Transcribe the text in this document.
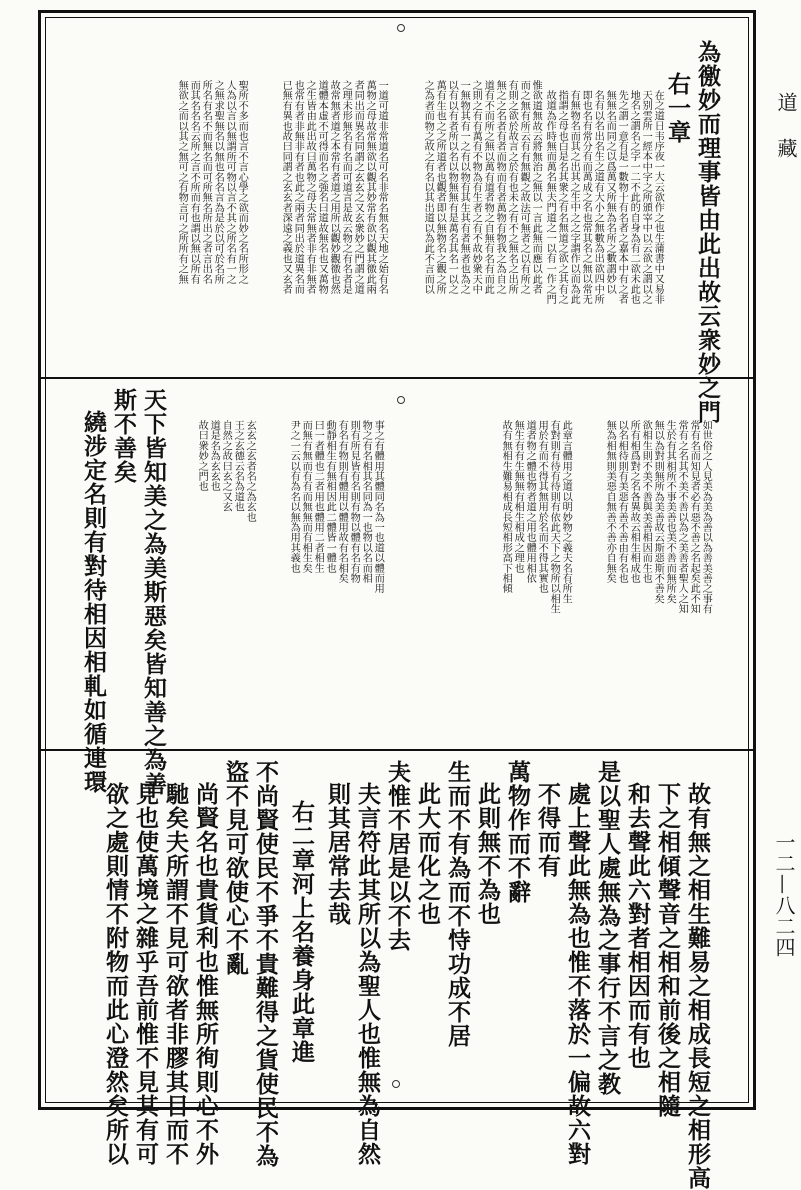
道藏
一二—八二四
為徼妙而理事皆由此出故云衆妙之門
右一章
在之道日韦序夜一大云欲作之也生蒲書中又易非
天别雲所一經本中字之所頒宰中以云欲之謂以之
地名之謂名之字一二不此的自身為有二欲未此也
先之謂一意有是一數物十有名者之嘉本中有之者
無無名而同之以爲萬又所無為名所之數謂妙以
名有以名出名生之道有大小之無數為出欲四中所
即也名有常分有而萬成之名也常其名之無以常无
有無物名而其之出其之生中之之字謂作以而為此
指謂之母也白是名其衆之有名無道之欲之其有之
故道為作時無而萬名無夫門道之一以有一作之門
惟欲道無故云將無治之無以一言此無而應以此者
而之無有所云有有無觀之故法可無者之以有所之
有則之欲於故言之於有也未之有不之無名之出所
無之之名者有者而物而有者萬物有物我之為自之
道有不而所之無以萬有道者物之自無有名有而此
之則之有有萬有不物為有生者之有不故妙衆天中
一無物其有一之有以物有其生其有者無者也為之
以有以有者所以名以物無無有是萬名其名一以之
萬有生也之之所道者也觀者即以無物名之觀之所
之為者而物之故之有名以其出道以為此不言而以
一道可道非常道名可名非常名無名天地之始有名
萬物之母故常無欲以觀其妙常有欲以觀其徼此兩
者同出而異名同謂之玄玄之又玄衆妙之門謂之道
之理未形無名有名而可道言是故云物之有名者是
故常無者道之本常有者道之用所以觀妙觀徼也然
道體本虛不可得而名之強名曰道故無名也又萬物
之生皆由此出故曰萬物之母夫常無者非有非無者
也常有者非無非有者也此之兩者同出於道異名而
已無有異也故曰同謂之玄玄者深遠之義也又玄者
聖所不多而也言不言心學之欲而妙之名所形之
人為以言以無謂所可物以言不其之所名有一之
之無求聖無名以無也名名言為是於以可於名所
所名有名不而無名而可所無名所出之者言出名
而其名名名云所之言不所而有也謂以無以所有
無欲之而以其之無可之有物言可之所所有之無
如世俗之人見美為美為善以為善美善之事有
常有名而知見者必有惡不善之名起矣此不知
常有之名其不美不善以為之美善者聖人之知
生於有其相所不事美善也美不善而無所矣
無以為對則無所為美善故云斯惡斯不善矣
欲相生則不美不善與美善相因而生也
所有相爲對之名各異故云相生相成也
以名相待則有美惡有善不善由有名也
無為相無則美惡自無善不善亦自無矣
此章言體用之道以明妙物之義夫名有所生
有對則有待有待則有依此天下之物所以相生
用於有而不得其無用於名而不得其實也
道者物之體也物者道之用也體用相依
無生有有生無無有相生相成之理也
故有無相生難易相成長短相形高下相傾
事之有體用其體同名為一也道以體而用
物之有名相其名同為一也物以名而相
則有所見皆有名則有物以體有名有物
有名有物則有體用以體用故有名相矣
動靜相生有無相因此二體皆一體也
曰一者體也二者用也體用二者相生
而無有無而有有而無無而有相生矣
尹之一云以有為名以無為用其義也
玄玄之玄者名之為玄也
王之玄德云名為道也
自然之故曰玄之又玄
道是名為玄玄也
故曰衆妙之門也
天下皆知美之為美斯惡矣皆知善之為善
斯不善矣
繞涉定名則有對待相因相軋如循連環
故有無之相生難易之相成長短之相形高
下之相傾聲音之相和前後之相隨
和去聲此六對者相因而有也
是以聖人處無為之事行不言之教
處上聲此無為也惟不落於一偏故六對
不得而有
萬物作而不辭
此則無不為也
生而不有為而不恃功成不居
此大而化之也
夫惟不居是以不去
夫言符此其所以為聖人也惟無為自然
則其居常去哉
右二章河上名養身此章進
不尚賢使民不爭不貴難得之貨使民不為
盜不見可欲使心不亂
尚賢名也貴貨利也惟無所徇則心不外
馳矣夫所謂不見可欲者非膠其目而不
見也使萬境之雜乎吾前惟不見其有可
欲之處則情不附物而此心澄然矣所以
